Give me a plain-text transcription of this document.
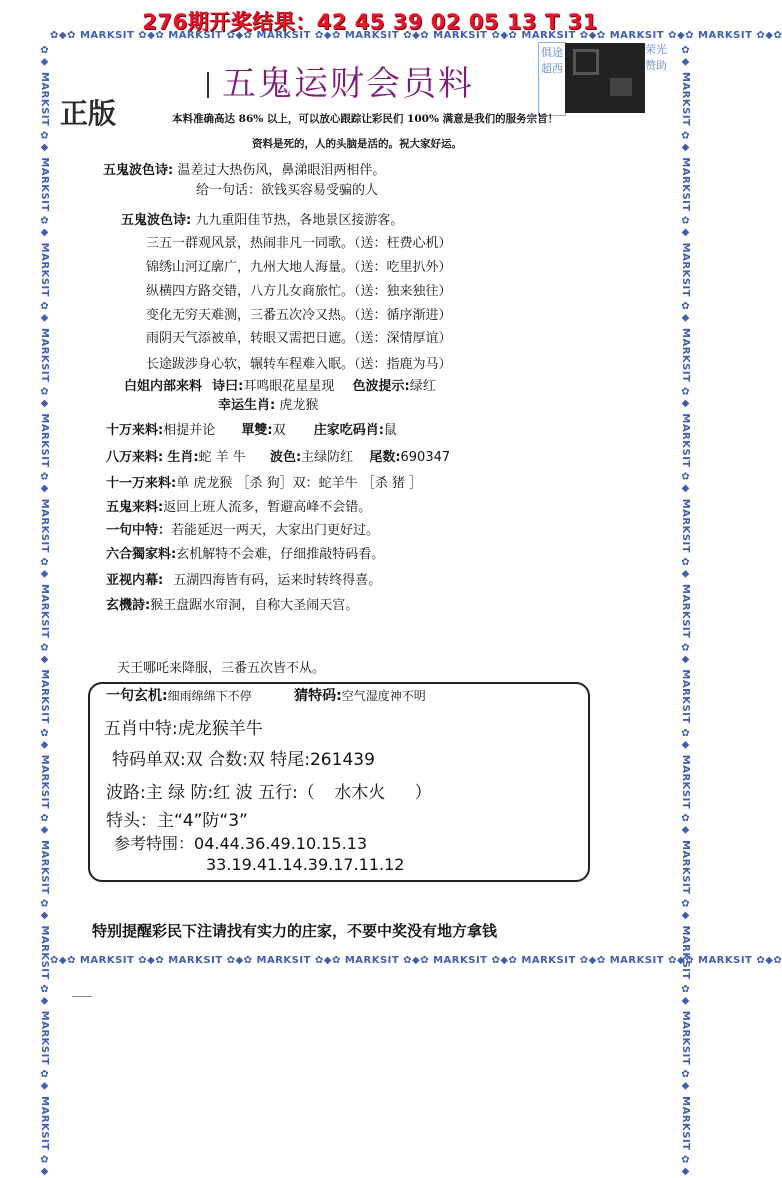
276期开奖结果：42 45 39 02 05 13 T 31
✿◆✿ MARKSIT ✿◆✿ MARKSIT ✿◆✿ MARKSIT ✿◆✿ MARKSIT ✿◆✿ MARKSIT ✿◆✿ MARKSIT ✿◆✿ MARKSIT ✿◆✿ MARKSIT ✿◆✿
✿◆✿ MARKSIT ✿◆✿ MARKSIT ✿◆✿ MARKSIT ✿◆✿ MARKSIT ✿◆✿ MARKSIT ✿◆✿ MARKSIT ✿◆✿ MARKSIT ✿◆✿ MARKSIT ✿◆✿
✿◆ MARKSIT ✿◆ MARKSIT ✿◆ MARKSIT ✿◆ MARKSIT ✿◆ MARKSIT ✿◆ MARKSIT ✿◆ MARKSIT ✿◆ MARKSIT ✿◆ MARKSIT ✿◆ MARKSIT ✿◆ MARKSIT ✿◆ MARKSIT ✿◆ MARKSIT ✿◆	✿◆ MARKSIT ✿◆ MARKSIT ✿◆ MARKSIT ✿◆ MARKSIT ✿◆ MARKSIT ✿◆ MARKSIT ✿◆ MARKSIT ✿◆ MARKSIT ✿◆ MARKSIT ✿◆ MARKSIT ✿◆ MARKSIT ✿◆ MARKSIT ✿◆ MARKSIT ✿◆
五鬼运财会员料
正版
俱途超西
荣光赞助
本料准确高达 86% 以上，可以放心跟踪让彩民们 100% 满意是我们的服务宗旨！
资料是死的，人的头脑是活的。祝大家好运。
五鬼波色诗: 温差过大热伤风，鼻涕眼泪两相伴。
给一句话：欲钱买容易受骗的人
五鬼波色诗: 九九重阳佳节热，各地景区接游客。
三五一群观风景，热闹非凡一同歌。（送：枉费心机）
锦绣山河辽廓广，九州大地人海量。（送：吃里扒外）
纵横四方路交错，八方儿女商旅忙。（送：独来独往）
变化无穷天难测，三番五次冷又热。（送：循序渐进）
雨阴天气添被单，转眼又需把日遮。（送：深情厚谊）
长途跋涉身心软，辗转车程难入眠。（送：指鹿为马）
白姐内部来料 诗曰:耳鸣眼花星星现 色波提示:绿红
幸运生肖: 虎龙猴
十万来料:相提并论 單雙:双 庄家吃码肖:鼠
八万来料: 生肖:蛇 羊 牛 波色:主绿防红 尾数:690347
十一万来料:单 虎龙猴 ［杀 狗］双：蛇羊牛 ［杀 猪 ］
五鬼来料:返回上班人流多，暂避高峰不会错。
一句中特：若能延迟一两天，大家出门更好过。
六合獨家料:玄机解特不会难，仔细推敲特码看。
亚视内幕: 五湖四海皆有码，运来时转终得喜。
玄機詩:猴王盘踞水帘洞，自称大圣闹天宫。
天王哪吒来降服，三番五次皆不从。
一句玄机:细雨绵绵下不停	猜特码:空气湿度神不明
五肖中特:虎龙猴羊牛
特码单双:双 合数:双 特尾:261439
波路:主 绿 防:红 波 五行:（ 水木火 ）
特头：主“4”防“3”
参考特围：04.44.36.49.10.15.13
33.19.41.14.39.17.11.12
特别提醒彩民下注请找有实力的庄家，不要中奖没有地方拿钱
